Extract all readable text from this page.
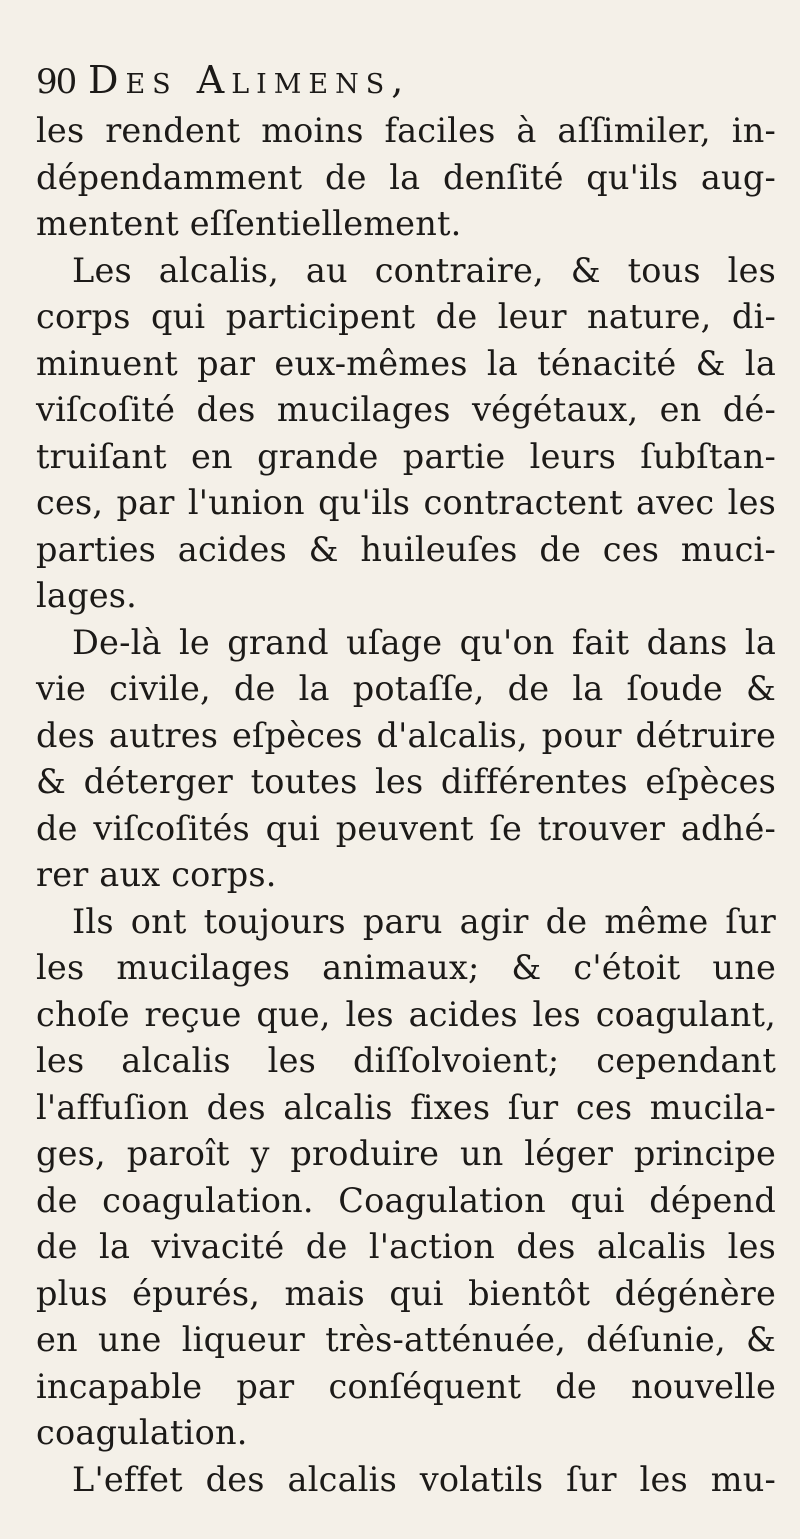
90 Des Alimens,
les rendent moins faciles à aſſimiler, in-
dépendamment de la denſité qu'ils aug-
mentent eſſentiellement.
Les alcalis, au contraire, & tous les
corps qui participent de leur nature, di-
minuent par eux-mêmes la ténacité & la
viſcoſité des mucilages végétaux, en dé-
truiſant en grande partie leurs ſubſtan-
ces, par l'union qu'ils contractent avec les
parties acides & huileuſes de ces muci-
lages.
De-là le grand uſage qu'on fait dans la
vie civile, de la potaſſe, de la ſoude &
des autres eſpèces d'alcalis, pour détruire
& déterger toutes les différentes eſpèces
de viſcoſités qui peuvent ſe trouver adhé-
rer aux corps.
Ils ont toujours paru agir de même ſur
les mucilages animaux; & c'étoit une
choſe reçue que, les acides les coagulant,
les alcalis les diſſolvoient; cependant
l'affuſion des alcalis fixes ſur ces mucila-
ges, paroît y produire un léger principe
de coagulation. Coagulation qui dépend
de la vivacité de l'action des alcalis les
plus épurés, mais qui bientôt dégénère
en une liqueur très-atténuée, déſunie, &
incapable par conſéquent de nouvelle
coagulation.
L'effet des alcalis volatils ſur les mu-
